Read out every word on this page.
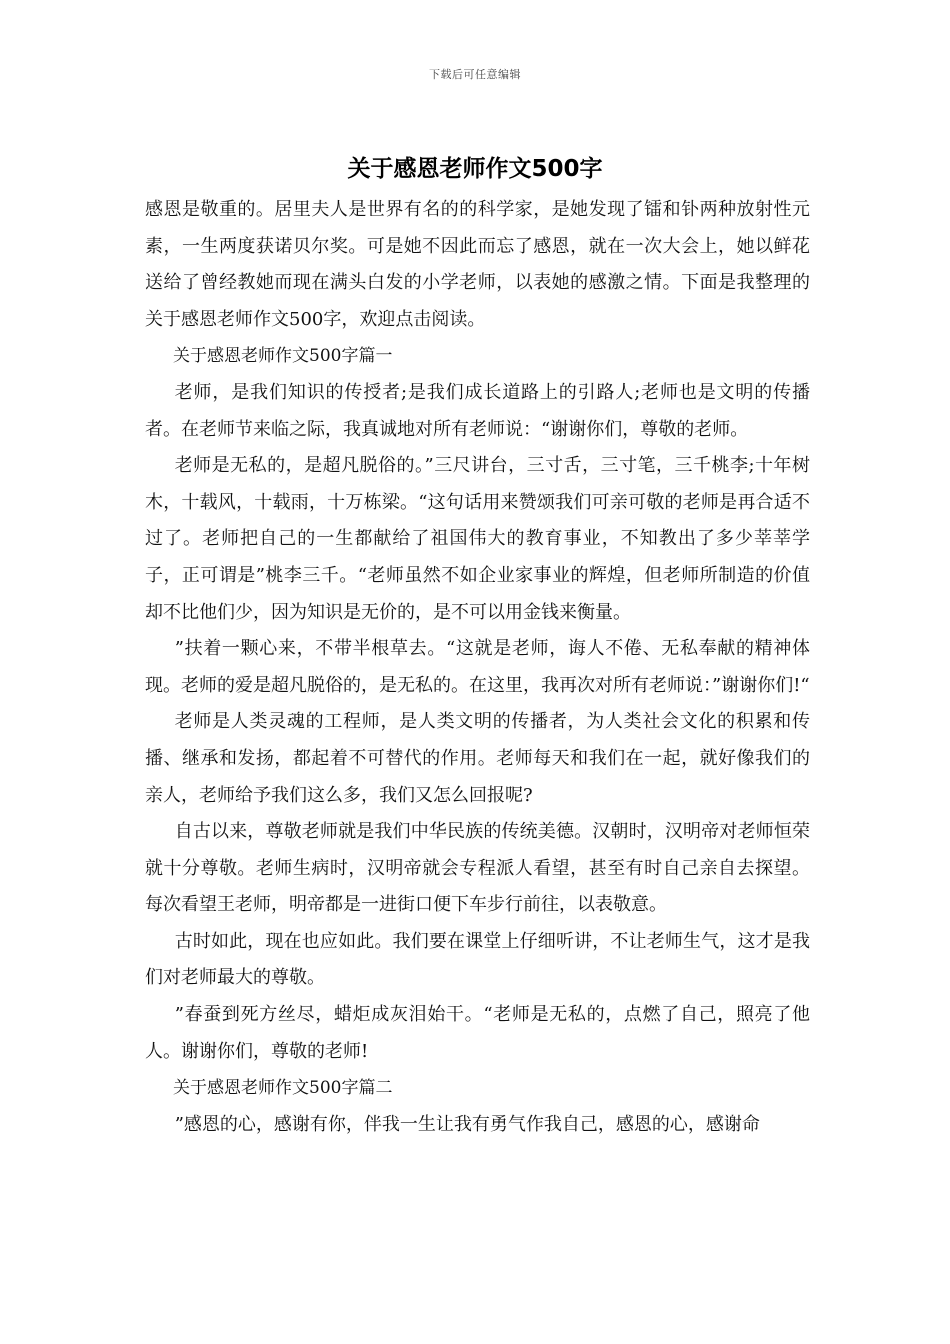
下载后可任意编辑
关于感恩老师作文500字

感恩是敬重的。居里夫人是世界有名的的科学家，是她发现了镭和钋两种放射性元素，一生两度获诺贝尔奖。可是她不因此而忘了感恩，就在一次大会上，她以鲜花送给了曾经教她而现在满头白发的小学老师，以表她的感激之情。下面是我整理的关于感恩老师作文500字，欢迎点击阅读。

关于感恩老师作文500字篇一

老师，是我们知识的传授者;是我们成长道路上的引路人;老师也是文明的传播者。在老师节来临之际，我真诚地对所有老师说：“谢谢你们，尊敬的老师。

老师是无私的，是超凡脱俗的。”三尺讲台，三寸舌，三寸笔，三千桃李;十年树木，十载风，十载雨，十万栋梁。“这句话用来赞颂我们可亲可敬的老师是再合适不过了。老师把自己的一生都献给了祖国伟大的教育事业，不知教出了多少莘莘学子，正可谓是”桃李三千。“老师虽然不如企业家事业的辉煌，但老师所制造的价值却不比他们少，因为知识是无价的，是不可以用金钱来衡量。

”扶着一颗心来，不带半根草去。“这就是老师，诲人不倦、无私奉献的精神体现。老师的爱是超凡脱俗的，是无私的。在这里，我再次对所有老师说：”谢谢你们!“

老师是人类灵魂的工程师，是人类文明的传播者，为人类社会文化的积累和传播、继承和发扬，都起着不可替代的作用。老师每天和我们在一起，就好像我们的亲人，老师给予我们这么多，我们又怎么回报呢?

自古以来，尊敬老师就是我们中华民族的传统美德。汉朝时，汉明帝对老师恒荣就十分尊敬。老师生病时，汉明帝就会专程派人看望，甚至有时自己亲自去探望。每次看望王老师，明帝都是一进街口便下车步行前往，以表敬意。

古时如此，现在也应如此。我们要在课堂上仔细听讲，不让老师生气，这才是我们对老师最大的尊敬。

”春蚕到死方丝尽，蜡炬成灰泪始干。“老师是无私的，点燃了自己，照亮了他人。谢谢你们，尊敬的老师!

关于感恩老师作文500字篇二

”感恩的心，感谢有你，伴我一生让我有勇气作我自己，感恩的心，感谢命
